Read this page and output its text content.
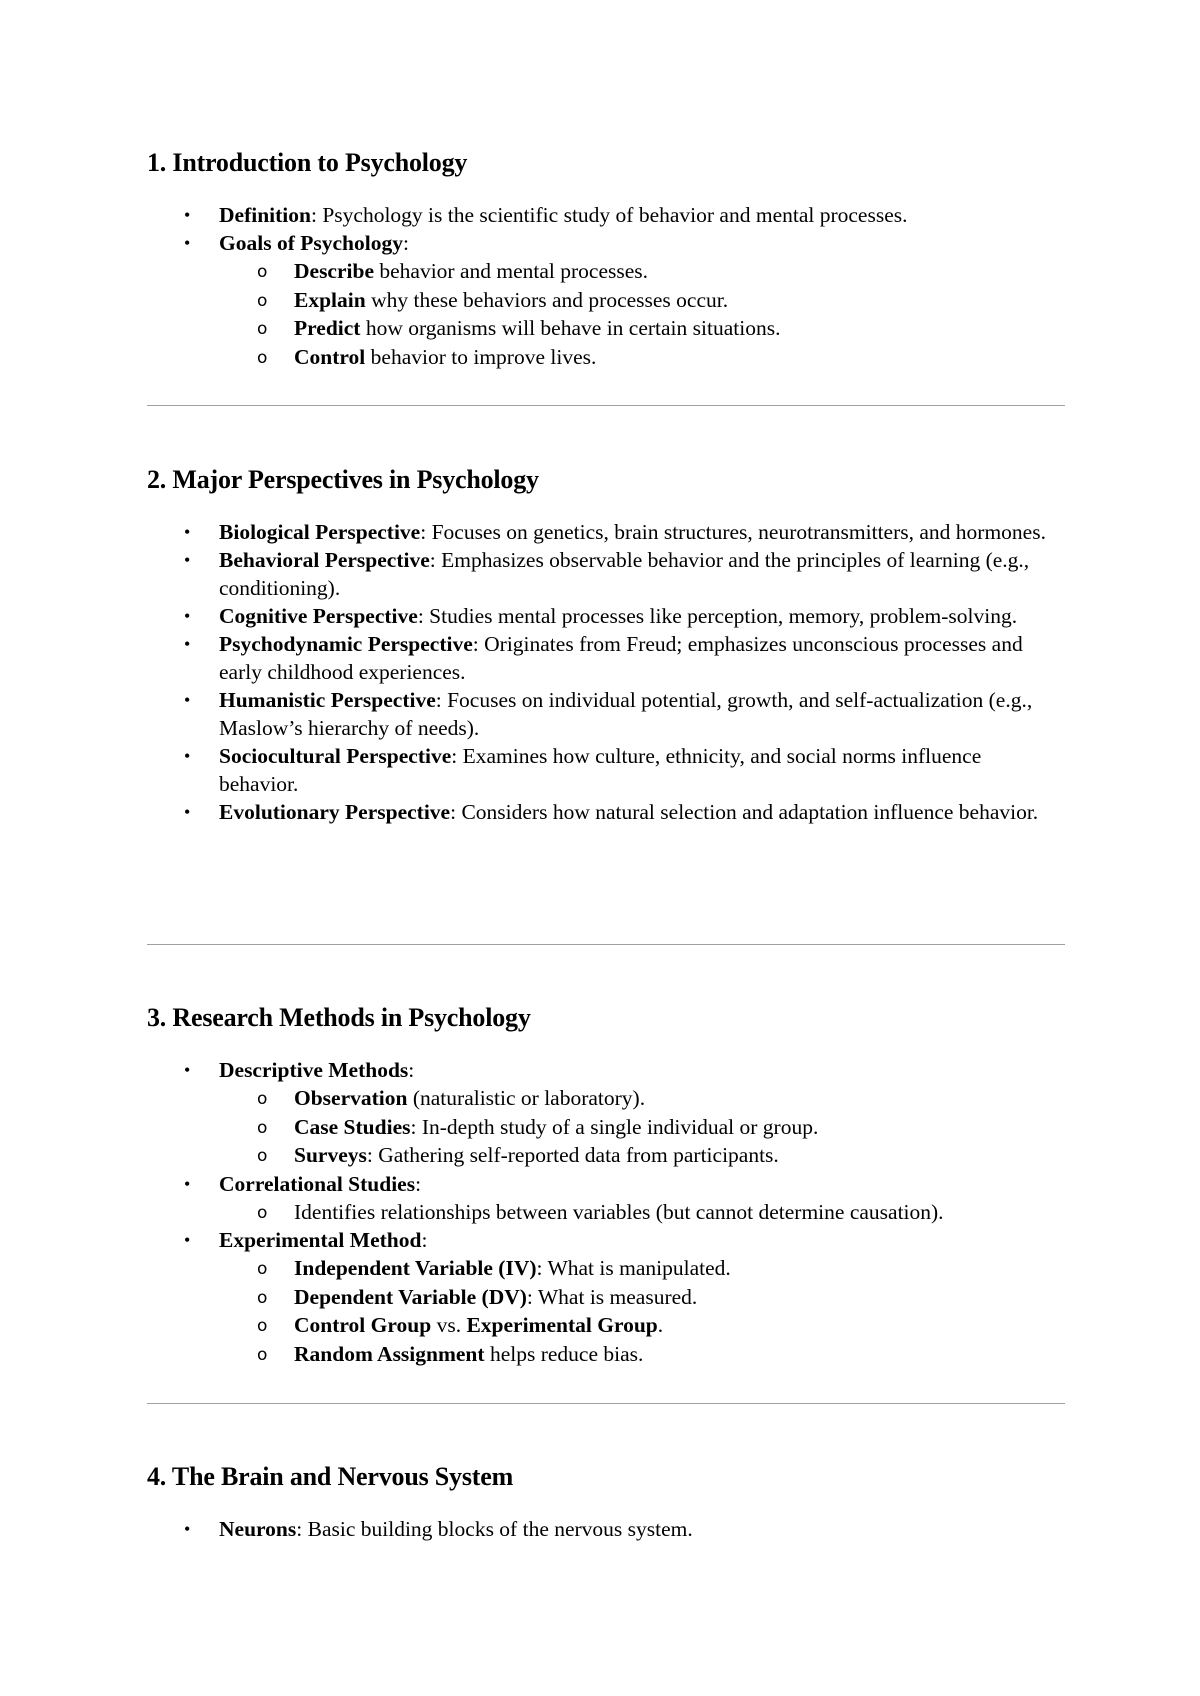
1. Introduction to Psychology
•	Definition: Psychology is the scientific study of behavior and mental processes.
•	Goals of Psychology:
o	Describe behavior and mental processes.
o	Explain why these behaviors and processes occur.
o	Predict how organisms will behave in certain situations.
o	Control behavior to improve lives.
2. Major Perspectives in Psychology
•	Biological Perspective: Focuses on genetics, brain structures, neurotransmitters, and hormones.
•	Behavioral Perspective: Emphasizes observable behavior and the principles of learning (e.g., conditioning).
•	Cognitive Perspective: Studies mental processes like perception, memory, problem-solving.
•	Psychodynamic Perspective: Originates from Freud; emphasizes unconscious processes and early childhood experiences.
•	Humanistic Perspective: Focuses on individual potential, growth, and self-actualization (e.g., Maslow’s hierarchy of needs).
•	Sociocultural Perspective: Examines how culture, ethnicity, and social norms influence behavior.
•	Evolutionary Perspective: Considers how natural selection and adaptation influence behavior.
3. Research Methods in Psychology
•	Descriptive Methods:
o	Observation (naturalistic or laboratory).
o	Case Studies: In-depth study of a single individual or group.
o	Surveys: Gathering self-reported data from participants.
•	Correlational Studies:
o	Identifies relationships between variables (but cannot determine causation).
•	Experimental Method:
o	Independent Variable (IV): What is manipulated.
o	Dependent Variable (DV): What is measured.
o	Control Group vs. Experimental Group.
o	Random Assignment helps reduce bias.
4. The Brain and Nervous System
•	Neurons: Basic building blocks of the nervous system.
